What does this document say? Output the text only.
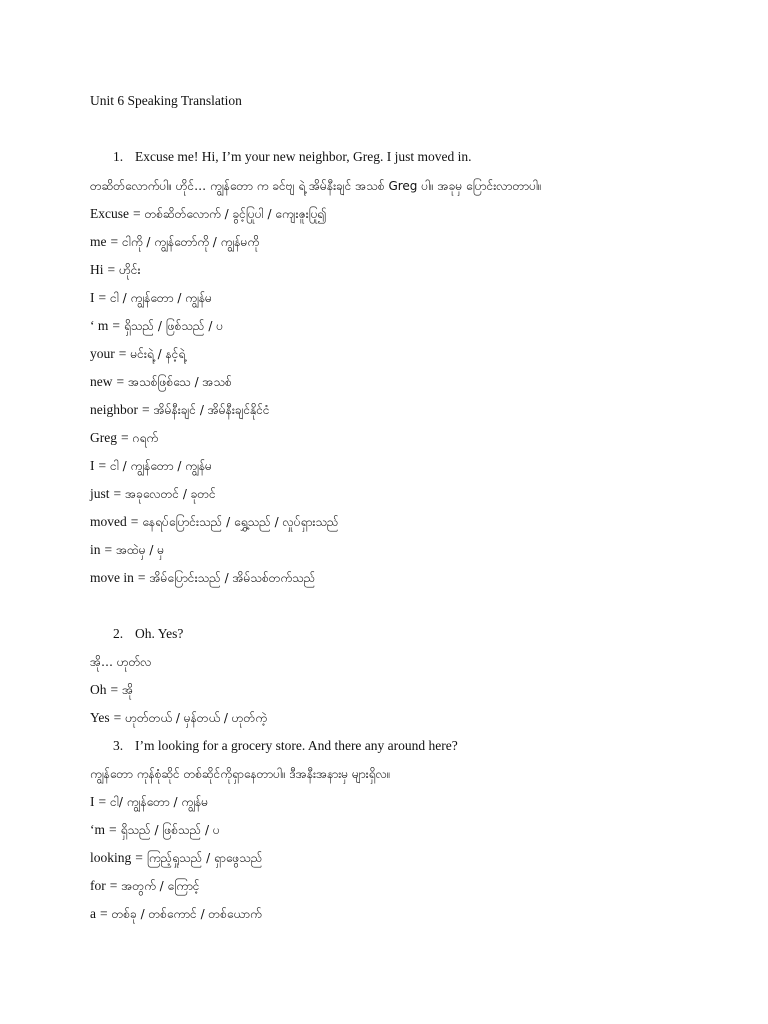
Unit 6 Speaking Translation
1. Excuse me! Hi, I’m your new neighbor, Greg. I just moved in.
တဆိတ်လောက်ပါ။ ဟိုင်… ကျွန်တော က ခင်ဗျ ရဲ့ အိမ်နီးချင် အသစ် Greg ပါ။ အခုမှ ပြောင်းလာတာပါ။
Excuse = တစ်ဆိတ်လောက် / ခွင့်ပြုပါ / ကျေးဇူးပြု၍
me = ငါကို / ကျွန်တော်ကို / ကျွန်မကို
Hi = ဟိုင်း
I = ငါ / ကျွန်တော / ကျွန်မ
‘ m = ရှိသည် / ဖြစ်သည် / ပ
your = မင်းရဲ့ / နင့်ရဲ့
new = အသစ်ဖြစ်သေ / အသစ်
neighbor = အိမ်နီးချင် / အိမ်နီးချင်နိုင်ငံ
Greg = ဂရက်
I = ငါ / ကျွန်တော / ကျွန်မ
just = အခုလေတင် / ခုတင်
moved = နေရပ်ပြောင်းသည် / ရွှေ့သည် / လှုပ်ရှားသည်
in = အထဲမှ / မှ
move in = အိမ်ပြောင်းသည် / အိမ်သစ်တက်သည်
2. Oh. Yes?
အို… ဟုတ်လ
Oh = အို
Yes = ဟုတ်တယ် / မှန်တယ် / ဟုတ်ကဲ့
3. I’m looking for a grocery store. And there any around here?
ကျွန်တော ကုန်စုံဆိုင် တစ်ဆိုင်ကိုရှာနေတာပါ။ ဒီအနီးအနားမှ များရှိလ။
I = ငါ/ ကျွန်တော / ကျွန်မ
‘m = ရှိသည် / ဖြစ်သည် / ပ
looking = ကြည့်ရှုသည် / ရှာဖွေသည်
for = အတွက် / ကြောင့်
a = တစ်ခု / တစ်ကောင် / တစ်ယောက်
